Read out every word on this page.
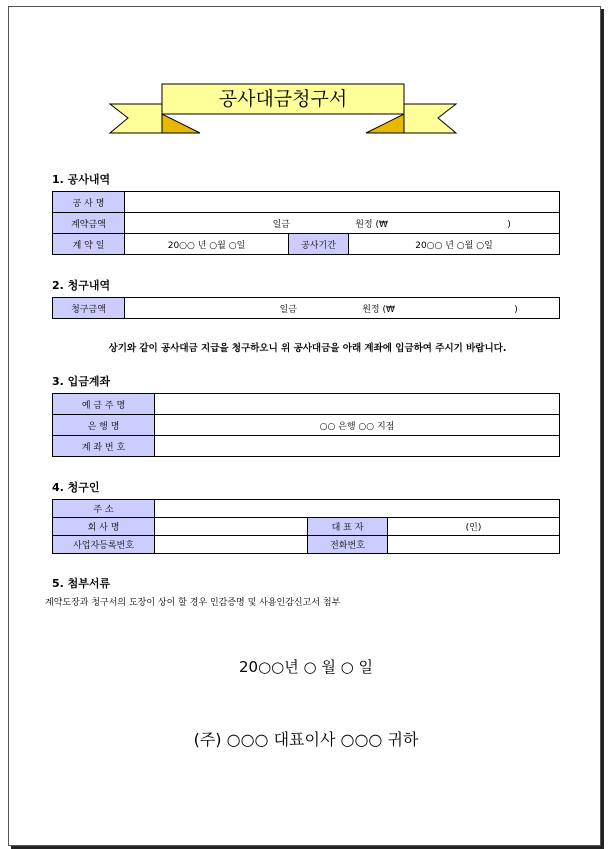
공사대금청구서
1. 공사내역
공 사 명			
계약금액	일금 원정 (₩ )		
계 약 일	20○○ 년 ○월 ○일	공사기간	20○○ 년 ○월 ○일
2. 청구내역
청구금액	일금	원정 (₩	)
상기와 같이 공사대금 지급을 청구하오니 위 공사대금을 아래 계좌에 입금하여 주시기 바랍니다.
3. 입금계좌
예 금 주 명	
은 행 명	○○ 은행 ○○ 지점
계 좌 번 호	
4. 청구인
주 소			
회 사 명		대 표 자	(인)
사업자등록번호		전화번호	
5. 첨부서류
계약도장과 청구서의 도장이 상이 할 경우 인감증명 및 사용인감신고서 첨부
20○○년 ○ 월 ○ 일
(주) ○○○ 대표이사 ○○○ 귀하
